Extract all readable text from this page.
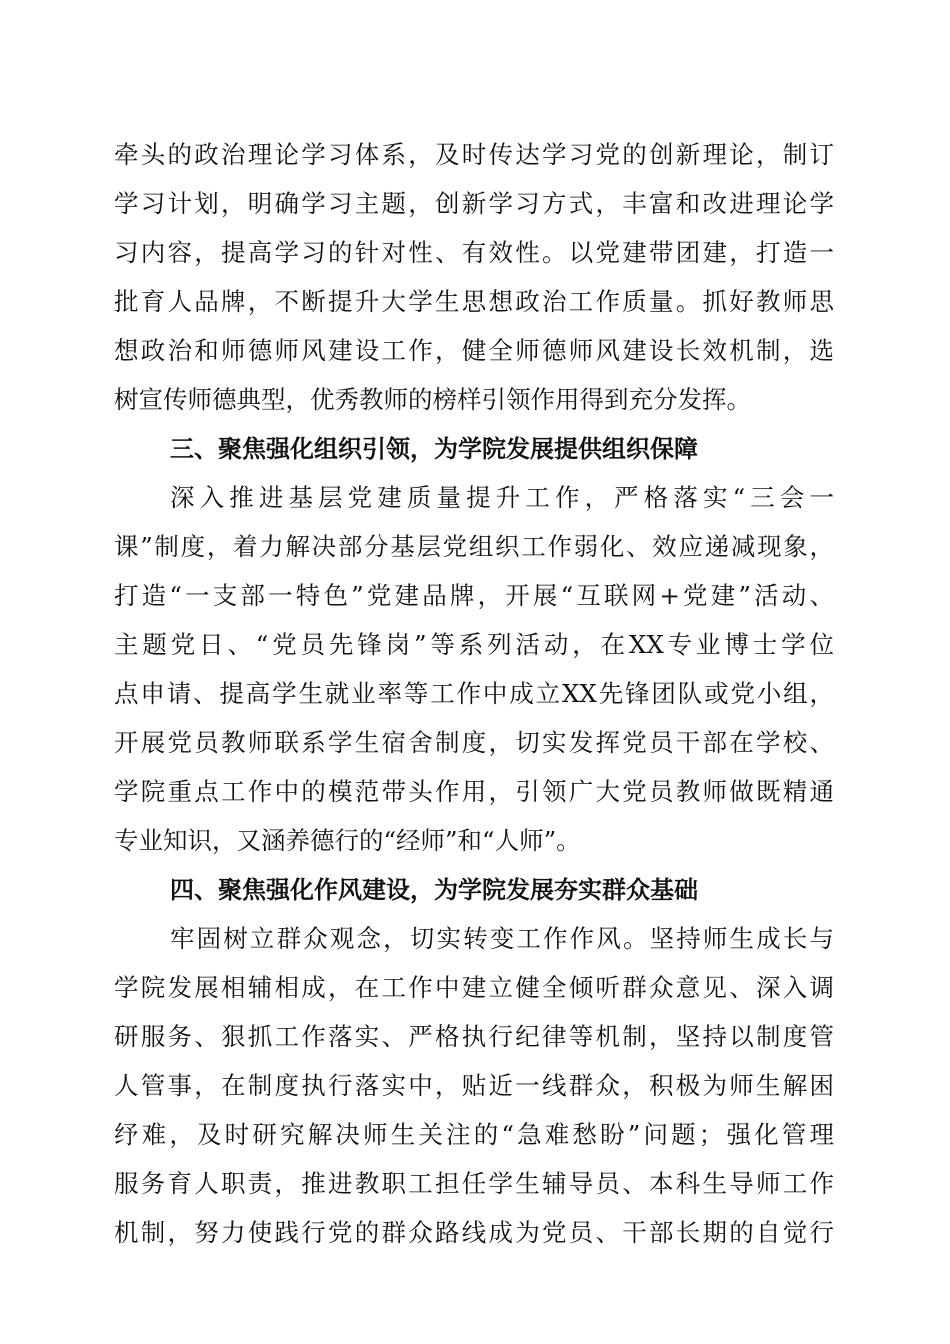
牵头的政治理论学习体系，及时传达学习党的创新理论，制订
学习计划，明确学习主题，创新学习方式，丰富和改进理论学
习内容，提高学习的针对性、有效性。以党建带团建，打造一
批育人品牌，不断提升大学生思想政治工作质量。抓好教师思
想政治和师德师风建设工作，健全师德师风建设长效机制，选
树宣传师德典型，优秀教师的榜样引领作用得到充分发挥。
三、聚焦强化组织引领，为学院发展提供组织保障
深入推进基层党建质量提升工作，严格落实“三会一
课”制度，着力解决部分基层党组织工作弱化、效应递减现象，
打造“一支部一特色”党建品牌，开展“互联网+党建”活动、
主题党日、“党员先锋岗”等系列活动，在XX专业博士学位
点申请、提高学生就业率等工作中成立XX先锋团队或党小组，
开展党员教师联系学生宿舍制度，切实发挥党员干部在学校、
学院重点工作中的模范带头作用，引领广大党员教师做既精通
专业知识，又涵养德行的“经师”和“人师”。
四、聚焦强化作风建设，为学院发展夯实群众基础
牢固树立群众观念，切实转变工作作风。坚持师生成长与
学院发展相辅相成，在工作中建立健全倾听群众意见、深入调
研服务、狠抓工作落实、严格执行纪律等机制，坚持以制度管
人管事，在制度执行落实中，贴近一线群众，积极为师生解困
纾难，及时研究解决师生关注的“急难愁盼”问题；强化管理
服务育人职责，推进教职工担任学生辅导员、本科生导师工作
机制，努力使践行党的群众路线成为党员、干部长期的自觉行
